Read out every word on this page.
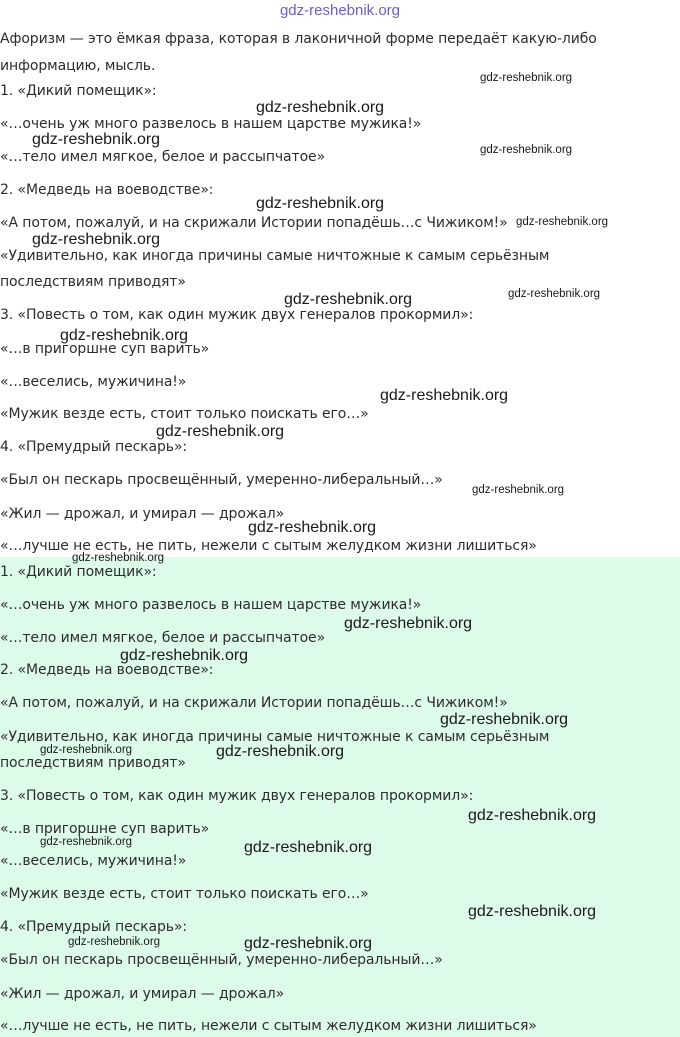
gdz-reshebnik.org
Афоризм — это ёмкая фраза, которая в лаконичной форме передаёт какую-либо
информацию, мысль.
1. «Дикий помещик»:
«…очень уж много развелось в нашем царстве мужика!»
«…тело имел мягкое, белое и рассыпчатое»
2. «Медведь на воеводстве»:
«А потом, пожалуй, и на скрижали Истории попадёшь…с Чижиком!»
«Удивительно, как иногда причины самые ничтожные к самым серьёзным
последствиям приводят»
3. «Повесть о том, как один мужик двух генералов прокормил»:
«…в пригоршне суп варить»
«…веселись, мужичина!»
«Мужик везде есть, стоит только поискать его…»
4. «Премудрый пескарь»:
«Был он пескарь просвещённый, умеренно-либеральный…»
«Жил — дрожал, и умирал — дрожал»
«…лучше не есть, не пить, нежели с сытым желудком жизни лишиться»
1. «Дикий помещик»:
«…очень уж много развелось в нашем царстве мужика!»
«…тело имел мягкое, белое и рассыпчатое»
2. «Медведь на воеводстве»:
«А потом, пожалуй, и на скрижали Истории попадёшь…с Чижиком!»
«Удивительно, как иногда причины самые ничтожные к самым серьёзным
последствиям приводят»
3. «Повесть о том, как один мужик двух генералов прокормил»:
«…в пригоршне суп варить»
«…веселись, мужичина!»
«Мужик везде есть, стоит только поискать его…»
4. «Премудрый пескарь»:
«Был он пескарь просвещённый, умеренно-либеральный…»
«Жил — дрожал, и умирал — дрожал»
«…лучше не есть, не пить, нежели с сытым желудком жизни лишиться»
gdz-reshebnik.org
gdz-reshebnik.org
gdz-reshebnik.org
gdz-reshebnik.org
gdz-reshebnik.org
gdz-reshebnik.org
gdz-reshebnik.org
gdz-reshebnik.org	gdz-reshebnik.org
gdz-reshebnik.org
gdz-reshebnik.org
gdz-reshebnik.org
gdz-reshebnik.org
gdz-reshebnik.org
gdz-reshebnik.org
gdz-reshebnik.org
gdz-reshebnik.org
gdz-reshebnik.org
gdz-reshebnik.org	gdz-reshebnik.org
gdz-reshebnik.org
gdz-reshebnik.org	gdz-reshebnik.org
gdz-reshebnik.org
gdz-reshebnik.org	gdz-reshebnik.org
